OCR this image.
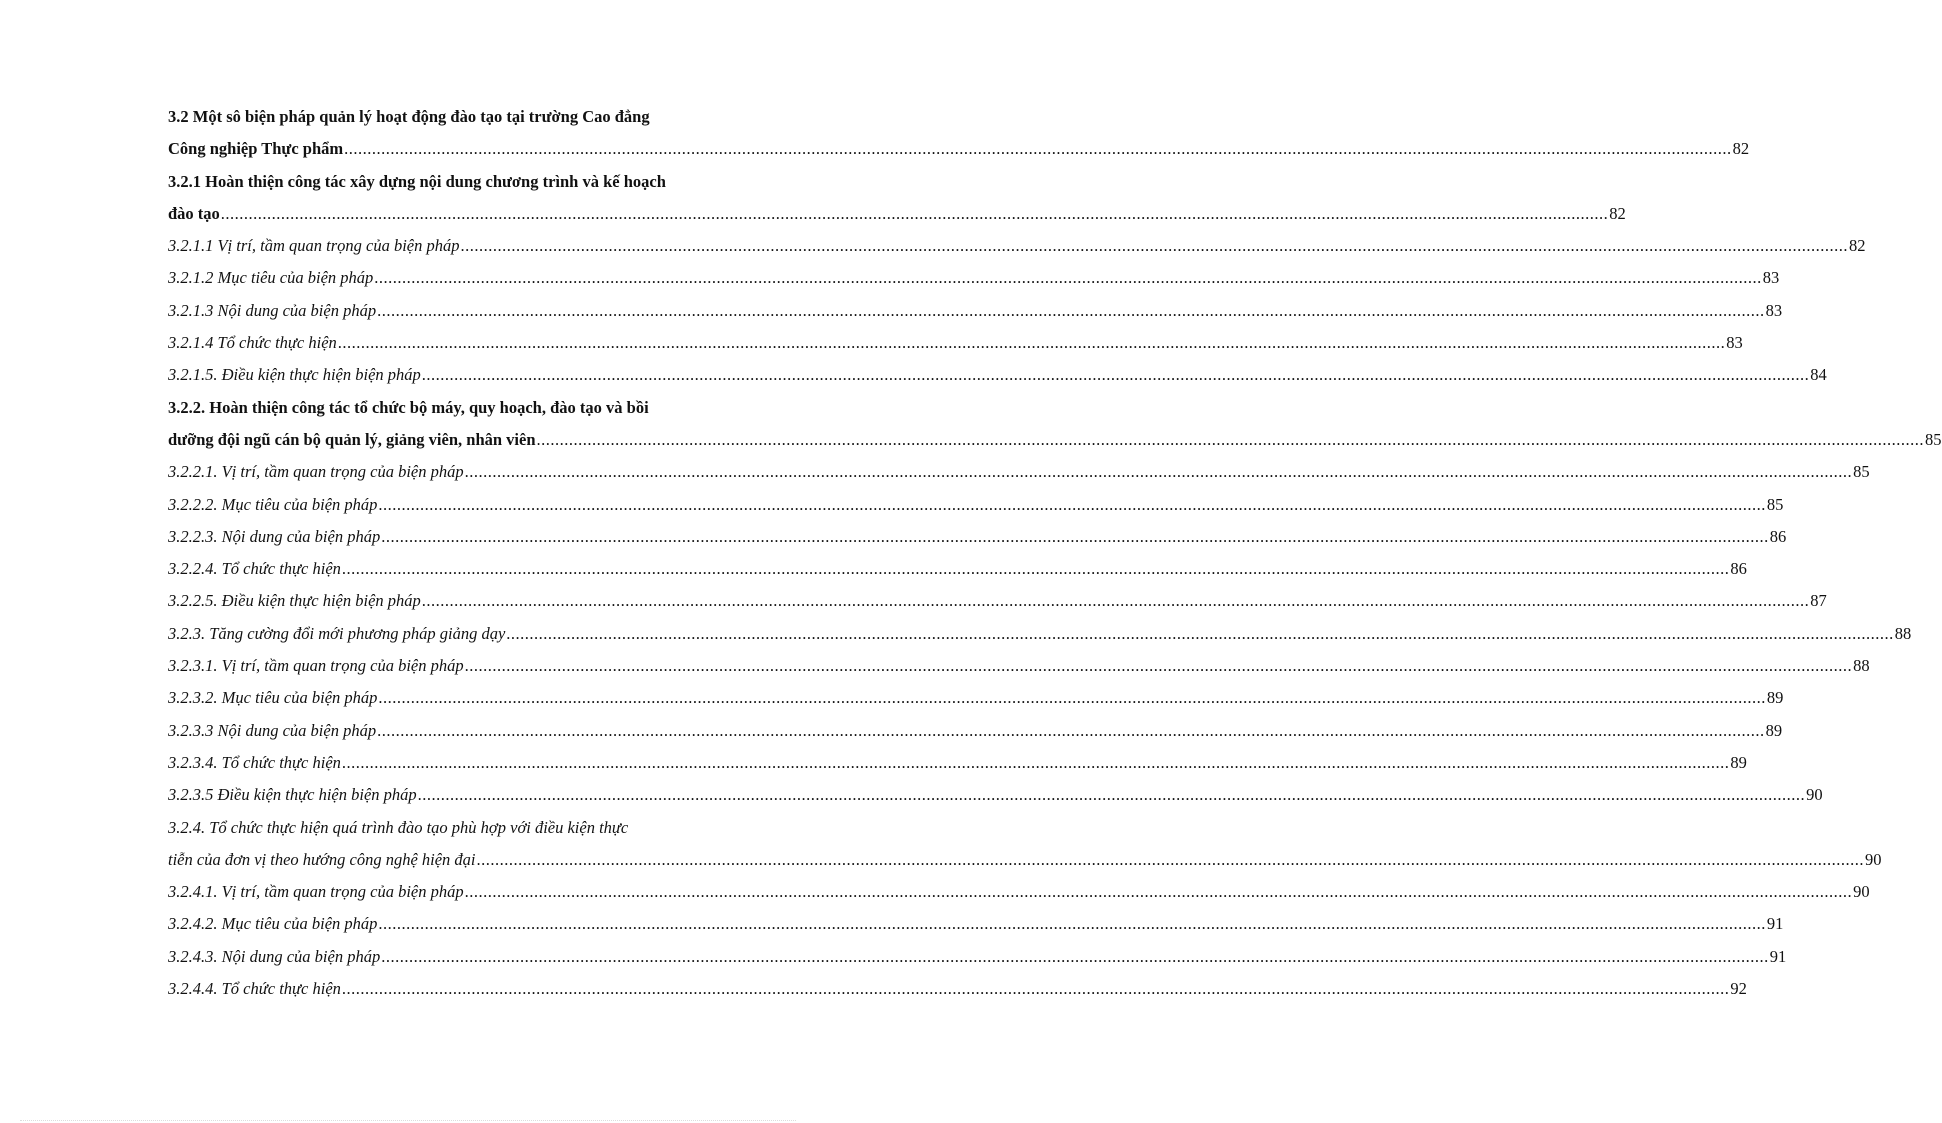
3.2 Một sô biện pháp quản lý hoạt động đào tạo tại trường Cao đẳng
Công nghiệp Thực phẩm ............................................................................................................................................................................................................................................................................................................ 82
3.2.1 Hoàn thiện công tác xây dựng nội dung chương trình và kế hoạch
đào tạo ............................................................................................................................................................................................................................................................................................................ 82
3.2.1.1 Vị trí, tầm quan trọng của biện pháp ............................................................................................................................................................................................................................................................................................................ 82
3.2.1.2 Mục tiêu của biện pháp ............................................................................................................................................................................................................................................................................................................ 83
3.2.1.3 Nội dung của biện pháp ............................................................................................................................................................................................................................................................................................................ 83
3.2.1.4 Tổ chức thực hiện ............................................................................................................................................................................................................................................................................................................ 83
3.2.1.5. Điều kiện thực hiện biện pháp ............................................................................................................................................................................................................................................................................................................ 84
3.2.2. Hoàn thiện công tác tổ chức bộ máy, quy hoạch, đào tạo và bồi
dưỡng đội ngũ cán bộ quản lý, giảng viên, nhân viên ............................................................................................................................................................................................................................................................................................................ 85
3.2.2.1. Vị trí, tầm quan trọng của biện pháp ............................................................................................................................................................................................................................................................................................................ 85
3.2.2.2. Mục tiêu của biện pháp ............................................................................................................................................................................................................................................................................................................ 85
3.2.2.3. Nội dung của biện pháp ............................................................................................................................................................................................................................................................................................................ 86
3.2.2.4. Tổ chức thực hiện ............................................................................................................................................................................................................................................................................................................ 86
3.2.2.5. Điều kiện thực hiện biện pháp ............................................................................................................................................................................................................................................................................................................ 87
3.2.3. Tăng cường đổi mới phương pháp giảng dạy ............................................................................................................................................................................................................................................................................................................ 88
3.2.3.1. Vị trí, tầm quan trọng của biện pháp ............................................................................................................................................................................................................................................................................................................ 88
3.2.3.2. Mục tiêu của biện pháp ............................................................................................................................................................................................................................................................................................................ 89
3.2.3.3 Nội dung của biện pháp ............................................................................................................................................................................................................................................................................................................ 89
3.2.3.4. Tổ chức thực hiện ............................................................................................................................................................................................................................................................................................................ 89
3.2.3.5 Điều kiện thực hiện biện pháp ............................................................................................................................................................................................................................................................................................................ 90
3.2.4. Tổ chức thực hiện quá trình đào tạo phù hợp với điều kiện thực
tiễn của đơn vị theo hướng công nghệ hiện đại ............................................................................................................................................................................................................................................................................................................ 90
3.2.4.1. Vị trí, tầm quan trọng của biện pháp ............................................................................................................................................................................................................................................................................................................ 90
3.2.4.2. Mục tiêu của biện pháp ............................................................................................................................................................................................................................................................................................................ 91
3.2.4.3. Nội dung của biện pháp ............................................................................................................................................................................................................................................................................................................ 91
3.2.4.4. Tổ chức thực hiện ............................................................................................................................................................................................................................................................................................................ 92
